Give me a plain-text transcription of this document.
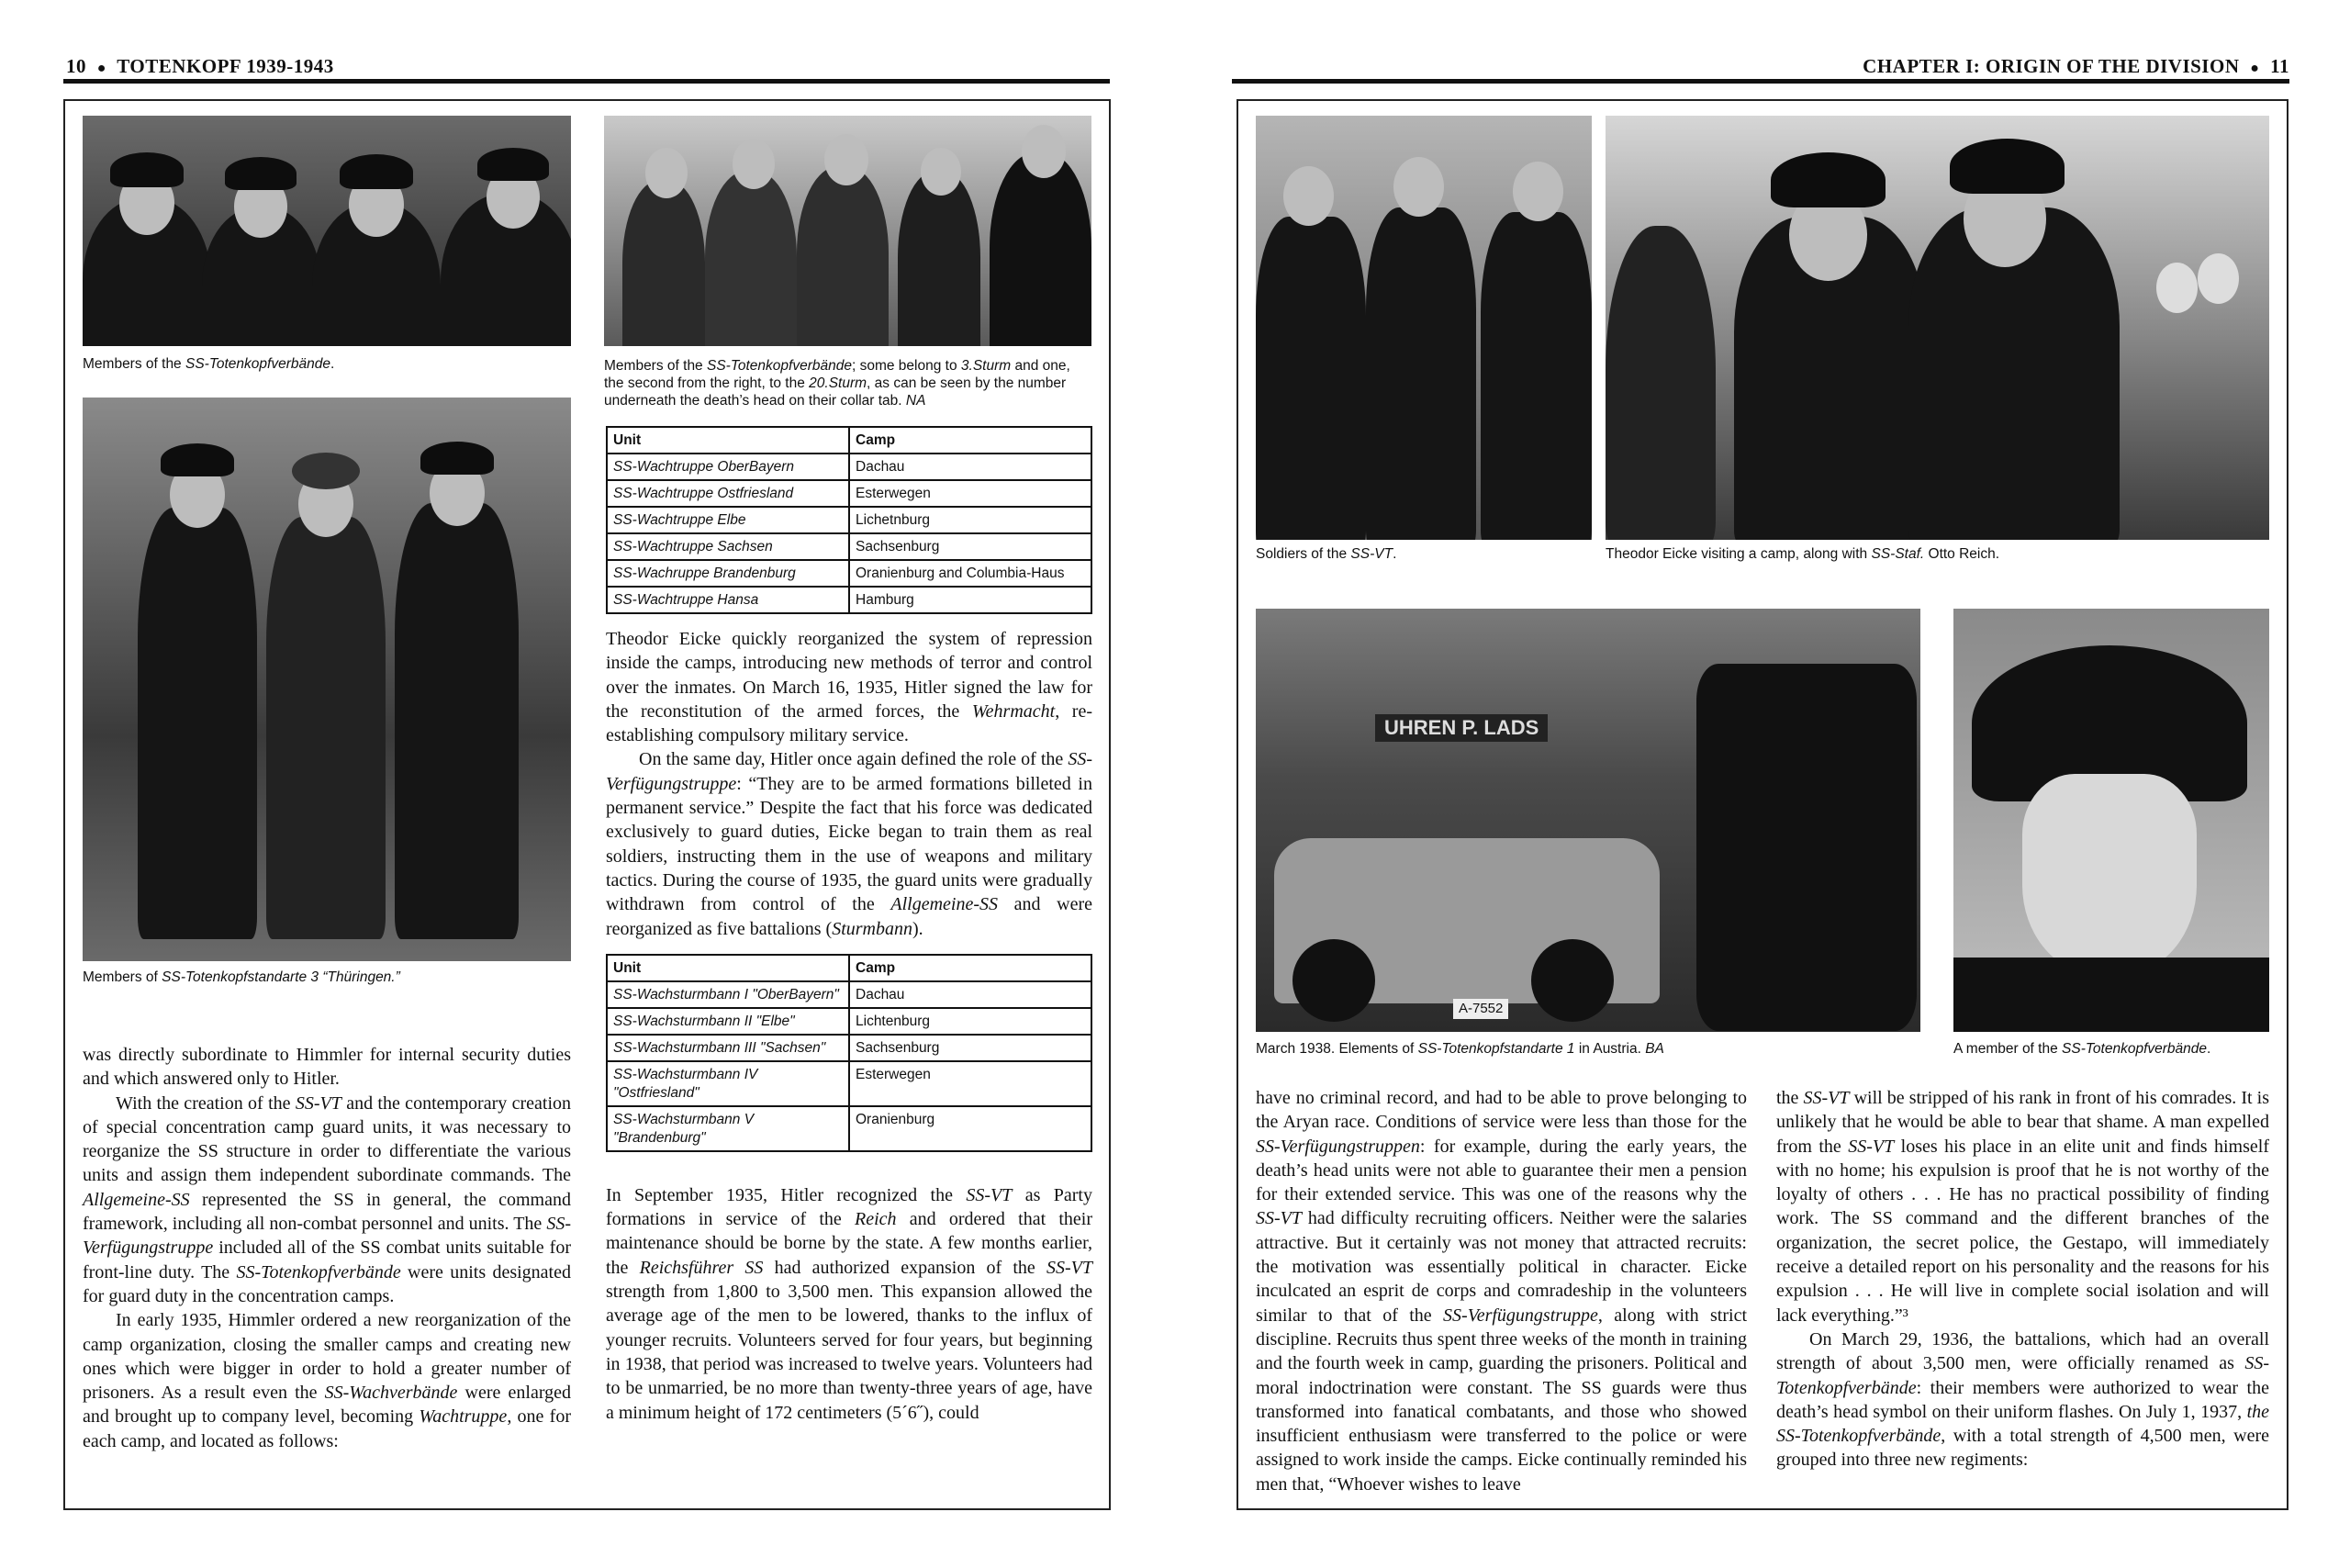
10 ● TOTENKOPF 1939-1943
Members of the SS-Totenkopfverbände.	Members of the SS-Totenkopfverbände; some belong to 3.Sturm and one, the second from the right, to the 20.Sturm, as can be seen by the number underneath the death’s head on their collar tab. NA
Unit	Camp
SS-Wachtruppe OberBayern	Dachau
SS-Wachtruppe Ostfriesland	Esterwegen
SS-Wachtruppe Elbe	Lichetnburg
SS-Wachtruppe Sachsen	Sachsenburg
SS-Wachruppe Brandenburg	Oranienburg and Columbia-Haus
SS-Wachtruppe Hansa	Hamburg

Theodor Eicke quickly reorganized the system of repression inside the camps, introducing new methods of terror and control over the inmates. On March 16, 1935, Hitler signed the law for the reconstitution of the armed forces, the Wehrmacht, re-establishing compulsory military service.

On the same day, Hitler once again defined the role of the SS-Verfügungstruppe: “They are to be armed formations billeted in permanent service.” Despite the fact that his force was dedicated exclusively to guard duties, Eicke began to train them as real soldiers, instructing them in the use of weapons and military tactics. During the course of 1935, the guard units were gradually withdrawn from control of the Allgemeine-SS and were reorganized as five battalions (Sturmbann).

Unit	Camp
SS-Wachsturmbann I "OberBayern"	Dachau
SS-Wachsturmbann II "Elbe"	Lichtenburg
SS-Wachsturmbann III "Sachsen"	Sachsenburg
SS-Wachsturmbann IV "Ostfriesland"	Esterwegen
SS-Wachsturmbann V "Brandenburg"	Oranienburg

In September 1935, Hitler recognized the SS-VT as Party formations in service of the Reich and ordered that their maintenance should be borne by the state. A few months earlier, the Reichsführer SS had authorized expansion of the SS-VT strength from 1,800 to 3,500 men. This expansion allowed the average age of the men to be lowered, thanks to the influx of younger recruits. Volunteers served for four years, but beginning in 1938, that period was increased to twelve years. Volunteers had to be unmarried, be no more than twenty-three years of age, have a minimum height of 172 centimeters (5´6˝), could

Members of SS-Totenkopfstandarte 3 “Thüringen.”

was directly subordinate to Himmler for internal security duties and which answered only to Hitler.

With the creation of the SS-VT and the contemporary creation of special concentration camp guard units, it was necessary to reorganize the SS structure in order to differentiate the various units and assign them independent subordinate commands. The Allgemeine-SS represented the SS in general, the command framework, including all non-combat personnel and units. The SS-Verfügungstruppe included all of the SS combat units suitable for front-line duty. The SS-Totenkopfverbände were units designated for guard duty in the concentration camps.

In early 1935, Himmler ordered a new reorganization of the camp organization, closing the smaller camps and creating new ones which were bigger in order to hold a greater number of prisoners. As a result even the SS-Wachverbände were enlarged and brought up to company level, becoming Wachtruppe, one for each camp, and located as follows:

CHAPTER I: ORIGIN OF THE DIVISION ● 11
Soldiers of the SS-VT.	Theodor Eicke visiting a camp, along with SS-Staf. Otto Reich.
UHREN P. LADS
A-7552
March 1938. Elements of SS-Totenkopfstandarte 1 in Austria. BA	A member of the SS-Totenkopfverbände.

have no criminal record, and had to be able to prove belonging to the Aryan race. Conditions of service were less than those for the SS-Verfügungstruppen: for example, during the early years, the death’s head units were not able to guarantee their men a pension for their extended service. This was one of the reasons why the SS-VT had difficulty recruiting officers. Neither were the salaries attractive. But it certainly was not money that attracted recruits: the motivation was essentially political in character. Eicke inculcated an esprit de corps and comradeship in the volunteers similar to that of the SS-Verfügungstruppe, along with strict discipline. Recruits thus spent three weeks of the month in training and the fourth week in camp, guarding the prisoners. Political and moral indoctrination were constant. The SS guards were thus transformed into fanatical combatants, and those who showed insufficient enthusiasm were transferred to the police or were assigned to work inside the camps. Eicke continually reminded his men that, “Whoever wishes to leave

the SS-VT will be stripped of his rank in front of his comrades. It is unlikely that he would be able to bear that shame. A man expelled from the SS-VT loses his place in an elite unit and finds himself with no home; his expulsion is proof that he is not worthy of the loyalty of others . . . He has no practical possibility of finding work. The SS command and the different branches of the organization, the secret police, the Gestapo, will immediately receive a detailed report on his personality and the reasons for his expulsion . . . He will live in complete social isolation and will lack everything.”³

On March 29, 1936, the battalions, which had an overall strength of about 3,500 men, were officially renamed as SS-Totenkopfverbände: their members were authorized to wear the death’s head symbol on their uniform flashes. On July 1, 1937, the SS-Totenkopfverbände, with a total strength of 4,500 men, were grouped into three new regiments:
